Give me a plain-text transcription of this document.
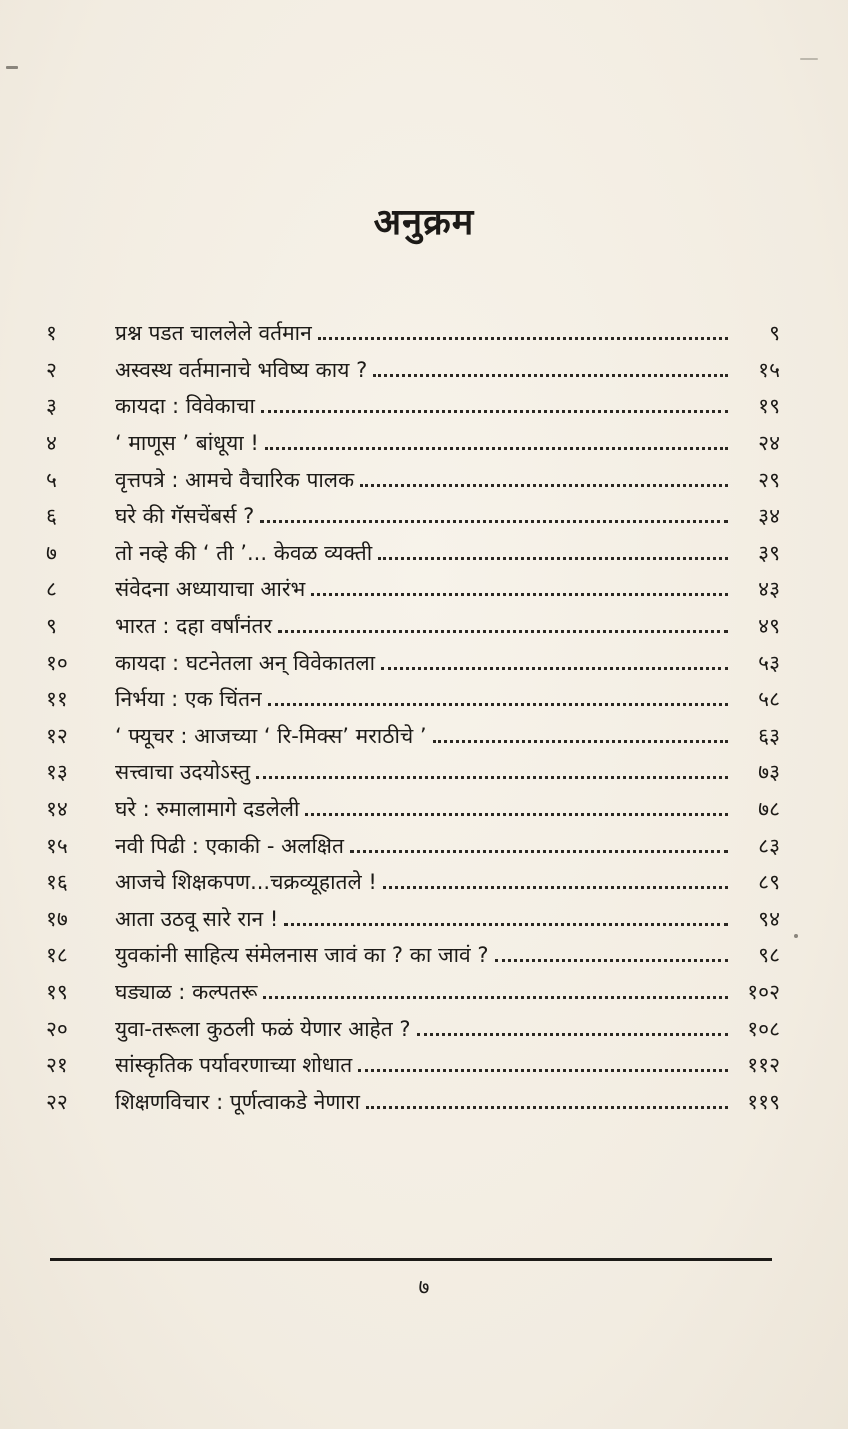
अनुक्रम
१	प्रश्न पडत चाललेले वर्तमान	९
२	अस्वस्थ वर्तमानाचे भविष्य काय ?	१५
३	कायदा : विवेकाचा	१९
४	‘ माणूस ’ बांधूया !	२४
५	वृत्तपत्रे : आमचे वैचारिक पालक	२९
६	घरे की गॅसचेंबर्स ?	३४
७	तो नव्हे की ‘ ती ’... केवळ व्यक्ती	३९
८	संवेदना अध्यायाचा आरंभ	४३
९	भारत : दहा वर्षांनंतर	४९
१०	कायदा : घटनेतला अन् विवेकातला	५३
११	निर्भया : एक चिंतन	५८
१२	‘ फ्यूचर : आजच्या ‘ रि-मिक्स’ मराठीचे ’	६३
१३	सत्त्वाचा उदयोऽस्तु	७३
१४	घरे : रुमालामागे दडलेली	७८
१५	नवी पिढी : एकाकी - अलक्षित	८३
१६	आजचे शिक्षकपण...चक्रव्यूहातले !	८९
१७	आता उठवू सारे रान !	९४
१८	युवकांनी साहित्य संमेलनास जावं का ? का जावं ?	९८
१९	घड्याळ : कल्पतरू	१०२
२०	युवा-तरूला कुठली फळं येणार आहेत ?	१०८
२१	सांस्कृतिक पर्यावरणाच्या शोधात	११२
२२	शिक्षणविचार : पूर्णत्वाकडे नेणारा	११९
७
